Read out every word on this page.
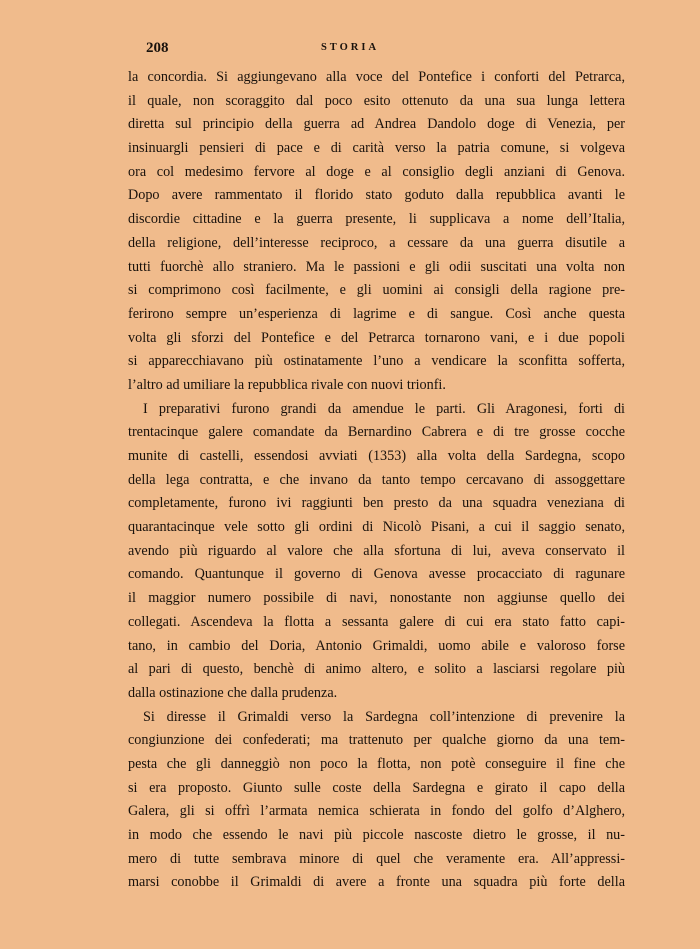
208	STORIA
la concordia. Si aggiungevano alla voce del Pontefice i conforti del Petrarca,
il quale, non scoraggito dal poco esito ottenuto da una sua lunga lettera
diretta sul principio della guerra ad Andrea Dandolo doge di Venezia, per
insinuargli pensieri di pace e di carità verso la patria comune, si volgeva
ora col medesimo fervore al doge e al consiglio degli anziani di Genova.
Dopo avere rammentato il florido stato goduto dalla repubblica avanti le
discordie cittadine e la guerra presente, li supplicava a nome dell’Italia,
della religione, dell’interesse reciproco, a cessare da una guerra disutile a
tutti fuorchè allo straniero. Ma le passioni e gli odii suscitati una volta non
si comprimono così facilmente, e gli uomini ai consigli della ragione pre-
ferirono sempre un’esperienza di lagrime e di sangue. Così anche questa
volta gli sforzi del Pontefice e del Petrarca tornarono vani, e i due popoli
si apparecchiavano più ostinatamente l’uno a vendicare la sconfitta sofferta,
l’altro ad umiliare la repubblica rivale con nuovi trionfi.
I preparativi furono grandi da amendue le parti. Gli Aragonesi, forti di
trentacinque galere comandate da Bernardino Cabrera e di tre grosse cocche
munite di castelli, essendosi avviati (1353) alla volta della Sardegna, scopo
della lega contratta, e che invano da tanto tempo cercavano di assoggettare
completamente, furono ivi raggiunti ben presto da una squadra veneziana di
quarantacinque vele sotto gli ordini di Nicolò Pisani, a cui il saggio senato,
avendo più riguardo al valore che alla sfortuna di lui, aveva conservato il
comando. Quantunque il governo di Genova avesse procacciato di ragunare
il maggior numero possibile di navi, nonostante non aggiunse quello dei
collegati. Ascendeva la flotta a sessanta galere di cui era stato fatto capi-
tano, in cambio del Doria, Antonio Grimaldi, uomo abile e valoroso forse
al pari di questo, benchè di animo altero, e solito a lasciarsi regolare più
dalla ostinazione che dalla prudenza.
Si diresse il Grimaldi verso la Sardegna coll’intenzione di prevenire la
congiunzione dei confederati; ma trattenuto per qualche giorno da una tem-
pesta che gli danneggiò non poco la flotta, non potè conseguire il fine che
si era proposto. Giunto sulle coste della Sardegna e girato il capo della
Galera, gli si offrì l’armata nemica schierata in fondo del golfo d’Alghero,
in modo che essendo le navi più piccole nascoste dietro le grosse, il nu-
mero di tutte sembrava minore di quel che veramente era. All’appressi-
marsi conobbe il Grimaldi di avere a fronte una squadra più forte della
